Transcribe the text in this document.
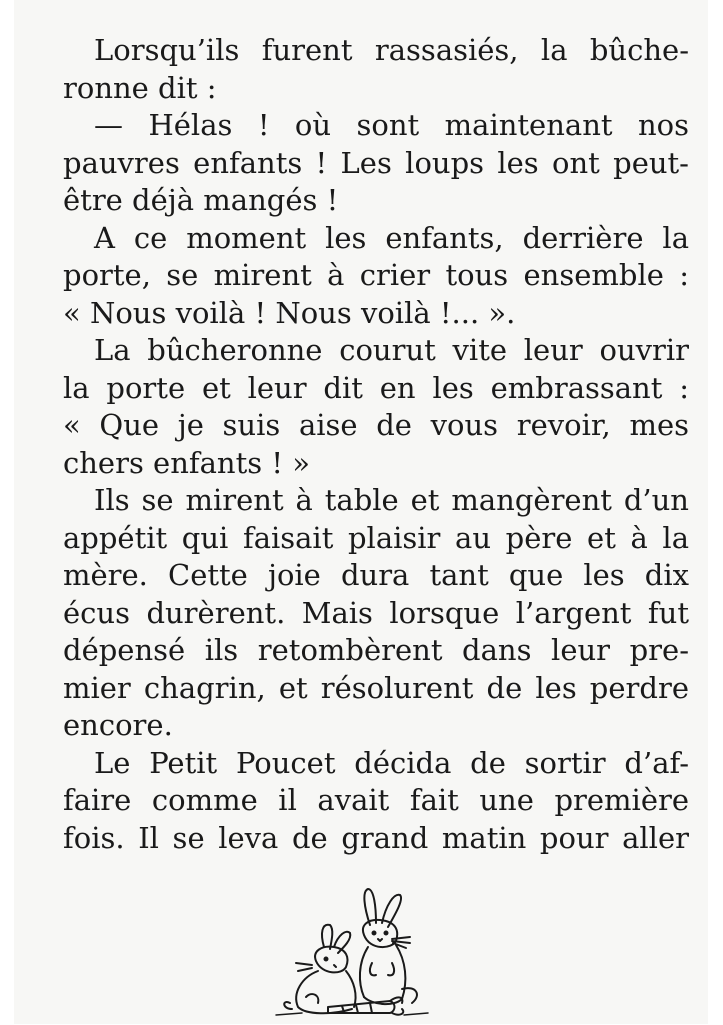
Lorsqu’ils furent rassasiés, la bûche-
ronne dit :

— Hélas ! où sont maintenant nos
pauvres enfants ! Les loups les ont peut-
être déjà mangés !

A ce moment les enfants, derrière la
porte, se mirent à crier tous ensemble :
« Nous voilà ! Nous voilà !... ».

La bûcheronne courut vite leur ouvrir
la porte et leur dit en les embrassant :
« Que je suis aise de vous revoir, mes
chers enfants ! »

Ils se mirent à table et mangèrent d’un
appétit qui faisait plaisir au père et à la
mère. Cette joie dura tant que les dix
écus durèrent. Mais lorsque l’argent fut
dépensé ils retombèrent dans leur pre-
mier chagrin, et résolurent de les perdre
encore.

Le Petit Poucet décida de sortir d’af-
faire comme il avait fait une première
fois. Il se leva de grand matin pour aller
